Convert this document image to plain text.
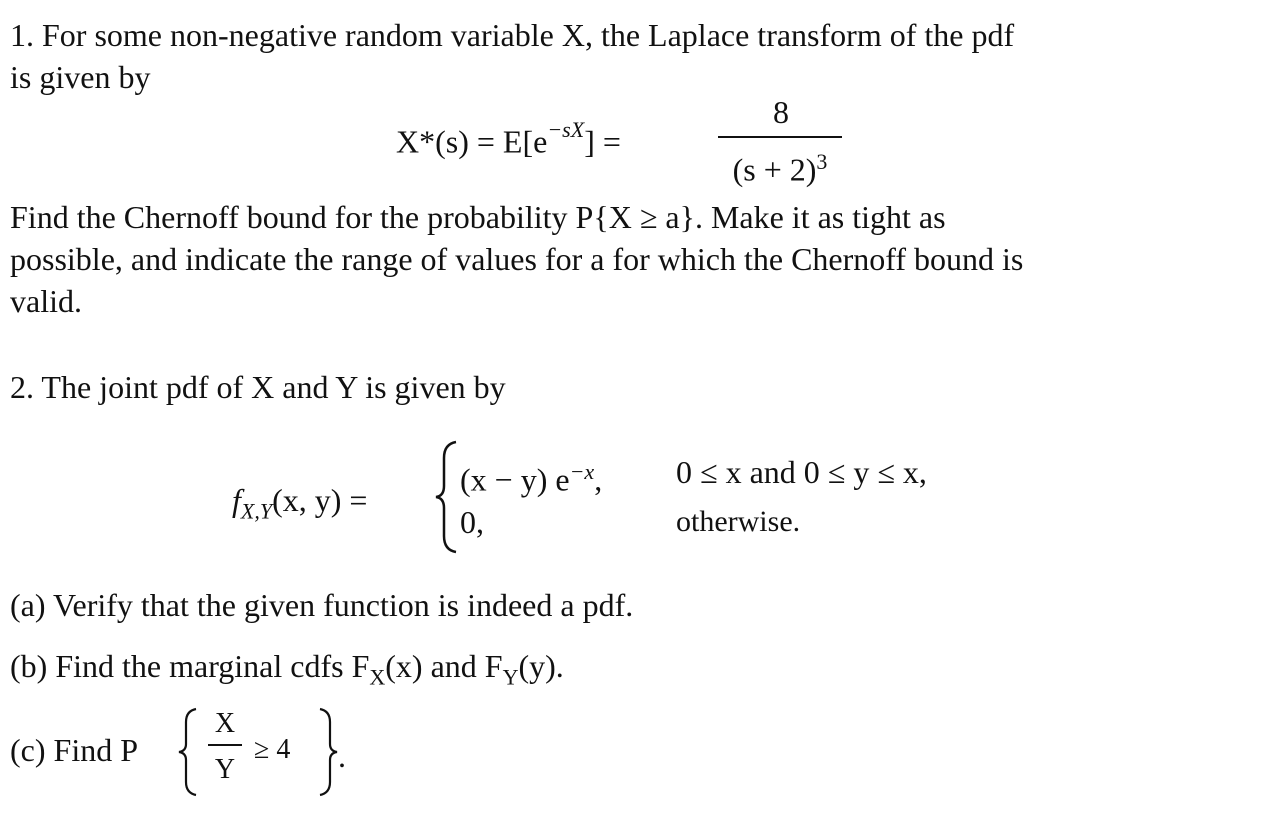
1. For some non-negative random variable X, the Laplace transform of the pdf
is given by
$X*(s) = E[e^{-sX}]$ =
8
$(s + 2)^3$
Find the Chernoff bound for the probability P{X ≥ a}. Make it as tight as
possible, and indicate the range of values for a for which the Chernoff bound is
valid.
2. The joint pdf of X and Y is given by
$f_{X,Y}(x$, y) =
(x − y) $e^{-x}$, 0 ≤ x and 0 ≤ y ≤ x,
0,	otherwise.
(a) Verify that the given function is indeed a pdf.
(b) Find the marginal cdfs $F_X(x)$ and $F_Y(y)$.
(c) Find P
X
Y
≥ 4 .
